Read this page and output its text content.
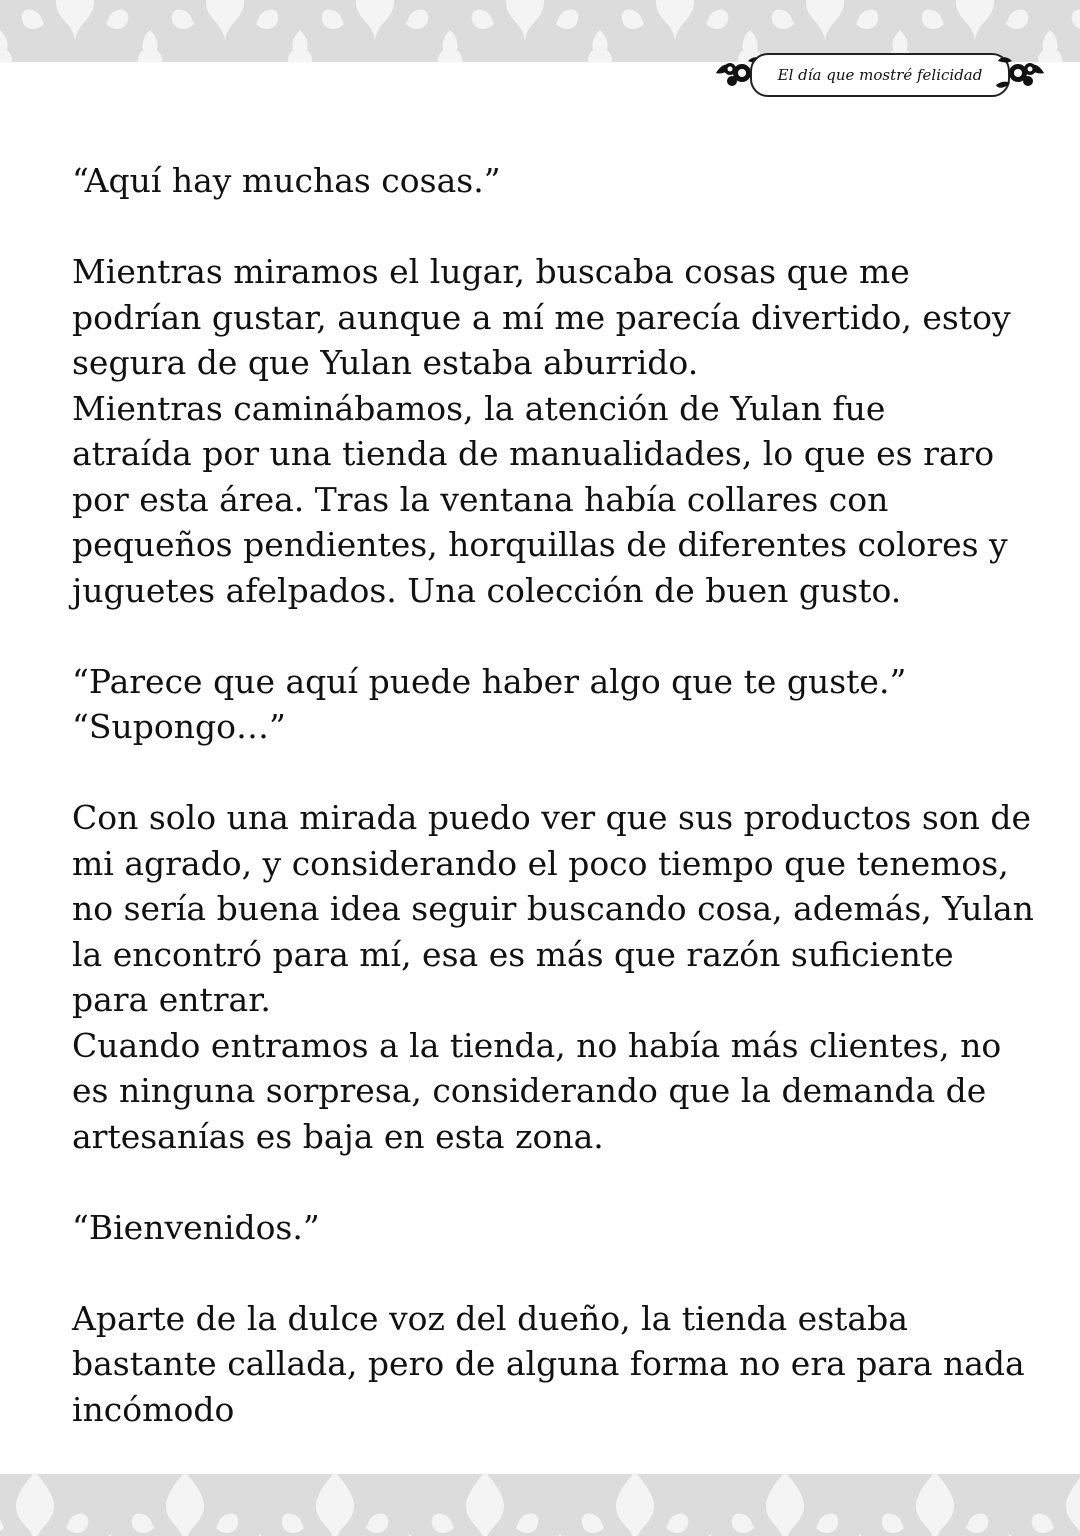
El día que mostré felicidad

“Aquí hay muchas cosas.”

Mientras miramos el lugar, buscaba cosas que me

podrían gustar, aunque a mí me parecía divertido, estoy

segura de que Yulan estaba aburrido.

Mientras caminábamos, la atención de Yulan fue

atraída por una tienda de manualidades, lo que es raro

por esta área. Tras la ventana había collares con

pequeños pendientes, horquillas de diferentes colores y

juguetes afelpados. Una colección de buen gusto.

“Parece que aquí puede haber algo que te guste.”

“Supongo…”

Con solo una mirada puedo ver que sus productos son de

mi agrado, y considerando el poco tiempo que tenemos,

no sería buena idea seguir buscando cosa, además, Yulan

la encontró para mí, esa es más que razón suficiente

para entrar.

Cuando entramos a la tienda, no había más clientes, no

es ninguna sorpresa, considerando que la demanda de

artesanías es baja en esta zona.

“Bienvenidos.”

Aparte de la dulce voz del dueño, la tienda estaba

bastante callada, pero de alguna forma no era para nada

incómodo
